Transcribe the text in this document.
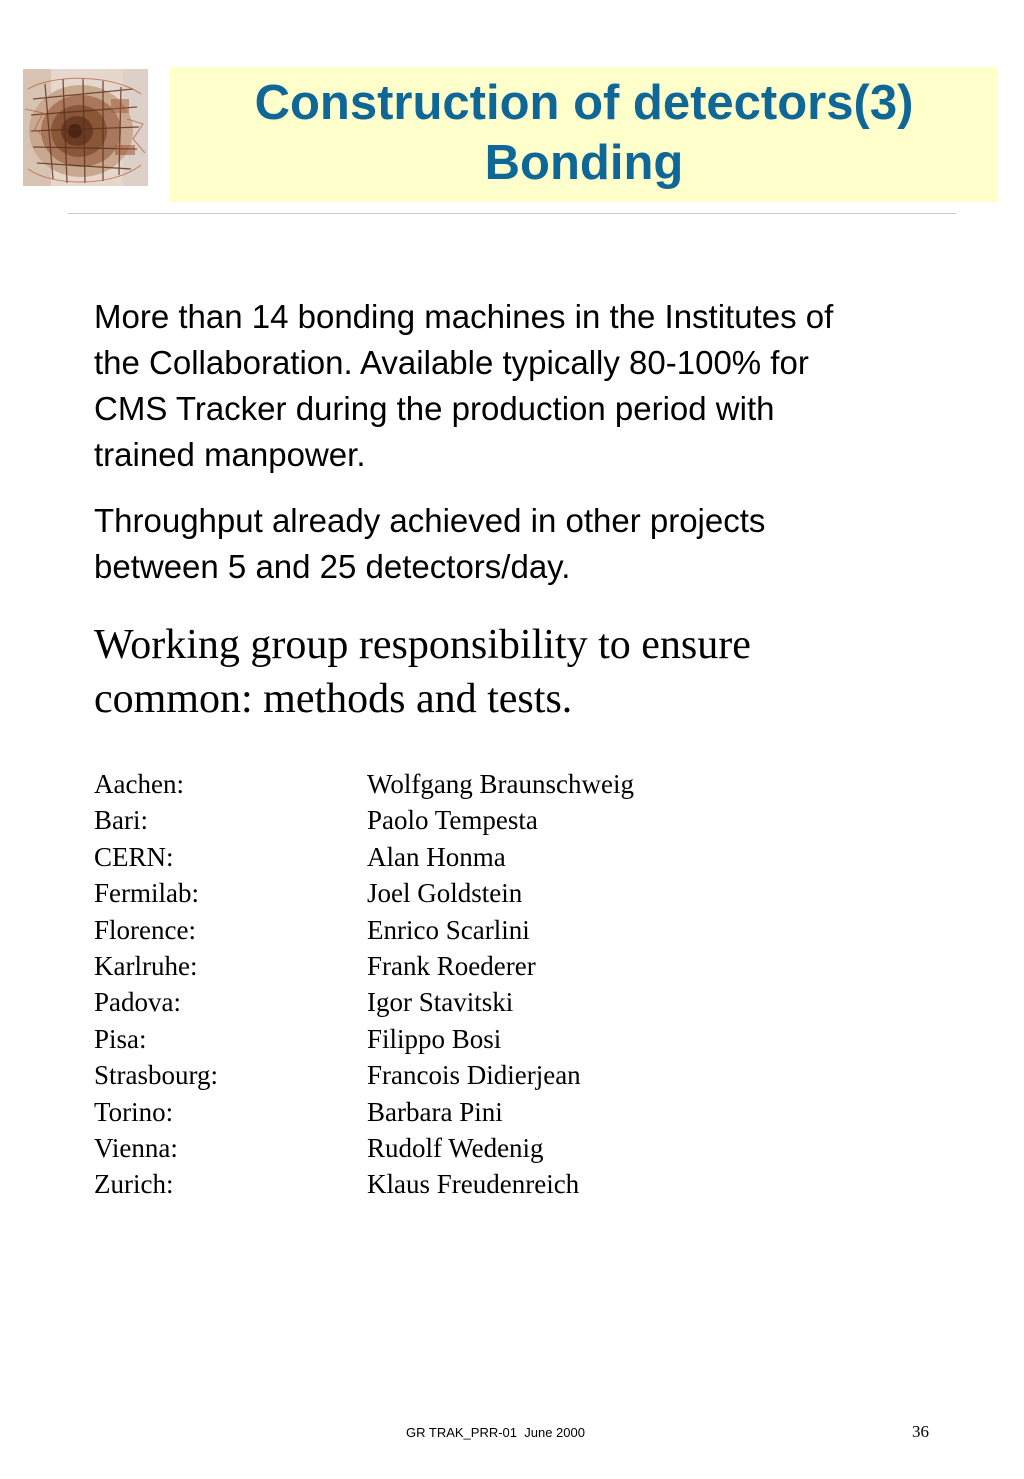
Construction of detectors(3)
Bonding
More than 14 bonding machines in the Institutes of
the Collaboration. Available typically 80-100% for
CMS Tracker during the production period with
trained manpower.
Throughput already achieved in other projects
between 5 and 25 detectors/day.
Working group responsibility to ensure
common: methods and tests.
Aachen:	Wolfgang Braunschweig
Bari:	Paolo Tempesta
CERN:	Alan Honma
Fermilab:	Joel Goldstein
Florence:	Enrico Scarlini
Karlruhe:	Frank Roederer
Padova:	Igor Stavitski
Pisa:	Filippo Bosi
Strasbourg:	Francois Didierjean
Torino:	Barbara Pini
Vienna:	Rudolf Wedenig
Zurich:	Klaus Freudenreich
GR TRAK_PRR-01  June 2000	36
